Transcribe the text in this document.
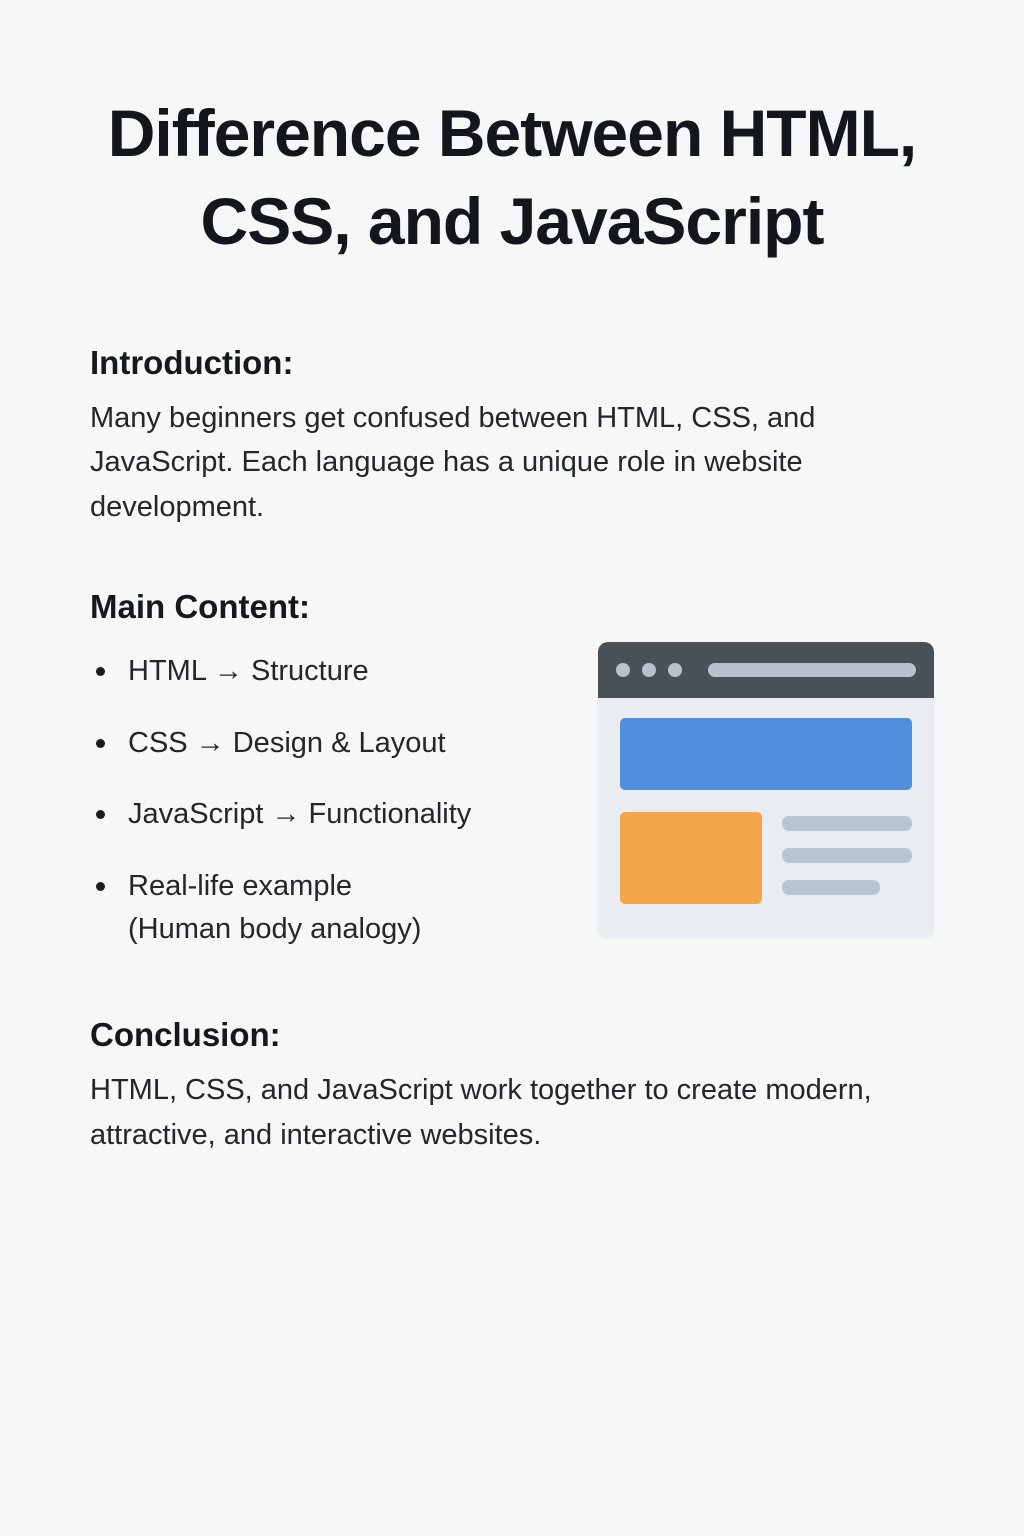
Difference Between HTML, CSS, and JavaScript
Introduction:

Many beginners get confused between HTML, CSS, and JavaScript. Each language has a unique role in website development.

Main Content:
HTML → Structure
CSS → Design & Layout
JavaScript → Functionality
Real-life example
(Human body analogy)
Conclusion:

HTML, CSS, and JavaScript work together to create modern, attractive, and interactive websites.
